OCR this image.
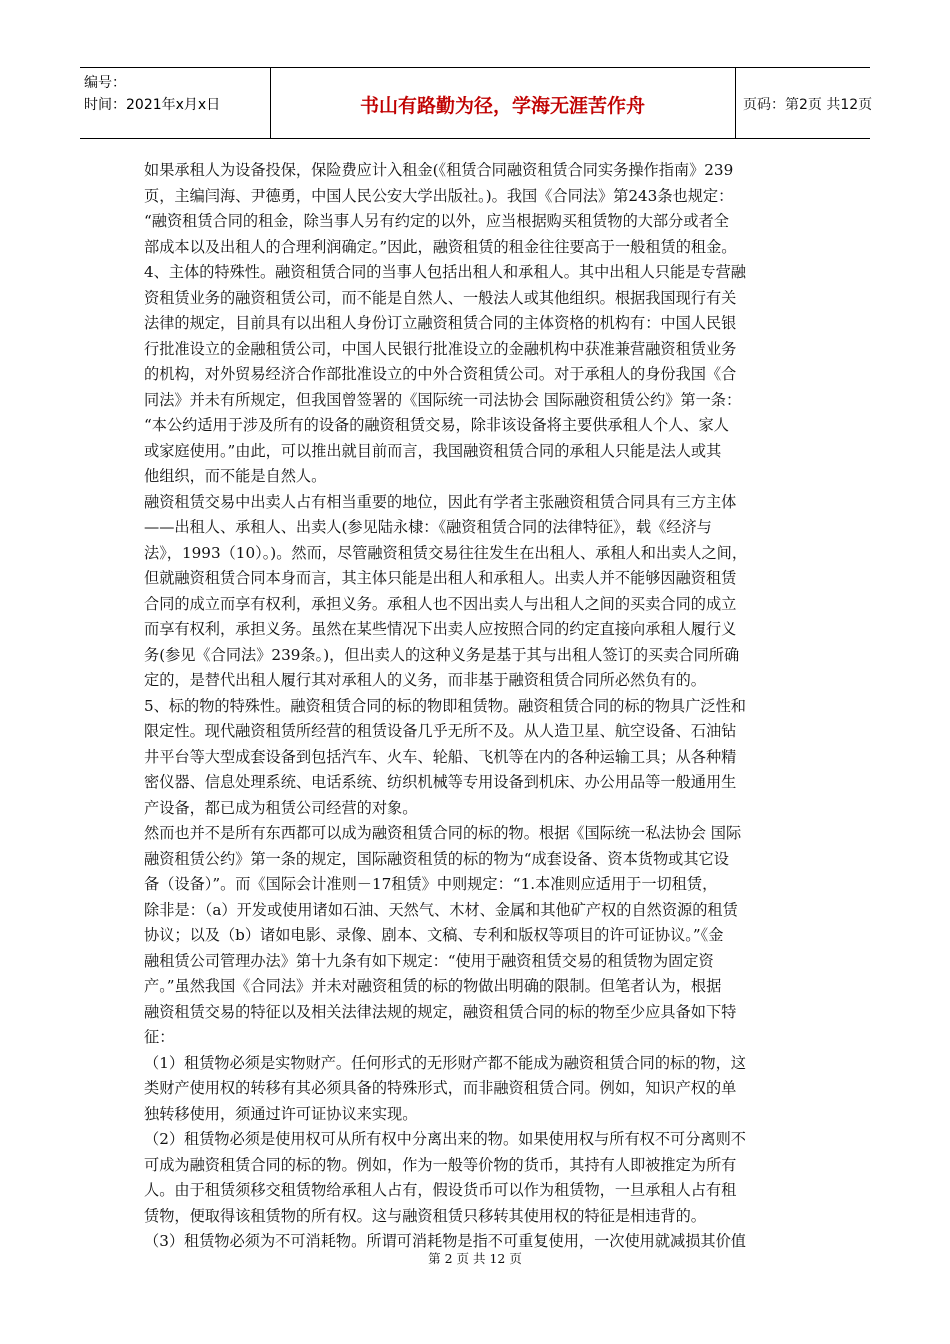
编号：
时间：2021年x月x日	书山有路勤为径，学海无涯苦作舟	页码：第2页 共12页
如果承租人为设备投保，保险费应计入租金(《租赁合同融资租赁合同实务操作指南》239
页，主编闫海、尹德勇，中国人民公安大学出版社。)。我国《合同法》第243条也规定：
“融资租赁合同的租金，除当事人另有约定的以外，应当根据购买租赁物的大部分或者全
部成本以及出租人的合理利润确定。”因此，融资租赁的租金往往要高于一般租赁的租金。
4、主体的特殊性。融资租赁合同的当事人包括出租人和承租人。其中出租人只能是专营融
资租赁业务的融资租赁公司，而不能是自然人、一般法人或其他组织。根据我国现行有关
法律的规定，目前具有以出租人身份订立融资租赁合同的主体资格的机构有：中国人民银
行批准设立的金融租赁公司，中国人民银行批准设立的金融机构中获准兼营融资租赁业务
的机构，对外贸易经济合作部批准设立的中外合资租赁公司。对于承租人的身份我国《合
同法》并未有所规定，但我国曾签署的《国际统一司法协会 国际融资租赁公约》第一条：
“本公约适用于涉及所有的设备的融资租赁交易，除非该设备将主要供承租人个人、家人
或家庭使用。”由此，可以推出就目前而言，我国融资租赁合同的承租人只能是法人或其
他组织，而不能是自然人。
融资租赁交易中出卖人占有相当重要的地位，因此有学者主张融资租赁合同具有三方主体
——出租人、承租人、出卖人(参见陆永棣：《融资租赁合同的法律特征》，载《经济与
法》，1993（10）。)。然而，尽管融资租赁交易往往发生在出租人、承租人和出卖人之间，
但就融资租赁合同本身而言，其主体只能是出租人和承租人。出卖人并不能够因融资租赁
合同的成立而享有权利，承担义务。承租人也不因出卖人与出租人之间的买卖合同的成立
而享有权利，承担义务。虽然在某些情况下出卖人应按照合同的约定直接向承租人履行义
务(参见《合同法》239条。)，但出卖人的这种义务是基于其与出租人签订的买卖合同所确
定的，是替代出租人履行其对承租人的义务，而非基于融资租赁合同所必然负有的。
5、标的物的特殊性。融资租赁合同的标的物即租赁物。融资租赁合同的标的物具广泛性和
限定性。现代融资租赁所经营的租赁设备几乎无所不及。从人造卫星、航空设备、石油钻
井平台等大型成套设备到包括汽车、火车、轮船、飞机等在内的各种运输工具；从各种精
密仪器、信息处理系统、电话系统、纺织机械等专用设备到机床、办公用品等一般通用生
产设备，都已成为租赁公司经营的对象。
然而也并不是所有东西都可以成为融资租赁合同的标的物。根据《国际统一私法协会 国际
融资租赁公约》第一条的规定，国际融资租赁的标的物为“成套设备、资本货物或其它设
备（设备）”。而《国际会计准则－17租赁》中则规定：“1.本准则应适用于一切租赁，
除非是：（a）开发或使用诸如石油、天然气、木材、金属和其他矿产权的自然资源的租赁
协议；以及（b）诸如电影、录像、剧本、文稿、专利和版权等项目的许可证协议。”《金
融租赁公司管理办法》第十九条有如下规定：“使用于融资租赁交易的租赁物为固定资
产。”虽然我国《合同法》并未对融资租赁的标的物做出明确的限制。但笔者认为，根据
融资租赁交易的特征以及相关法律法规的规定，融资租赁合同的标的物至少应具备如下特
征：
（1）租赁物必须是实物财产。任何形式的无形财产都不能成为融资租赁合同的标的物，这
类财产使用权的转移有其必须具备的特殊形式，而非融资租赁合同。例如，知识产权的单
独转移使用，须通过许可证协议来实现。
（2）租赁物必须是使用权可从所有权中分离出来的物。如果使用权与所有权不可分离则不
可成为融资租赁合同的标的物。例如，作为一般等价物的货币，其持有人即被推定为所有
人。由于租赁须移交租赁物给承租人占有，假设货币可以作为租赁物，一旦承租人占有租
赁物，便取得该租赁物的所有权。这与融资租赁只移转其使用权的特征是相违背的。
（3）租赁物必须为不可消耗物。所谓可消耗物是指不可重复使用，一次使用就减损其价值
第 2 页 共 12 页
